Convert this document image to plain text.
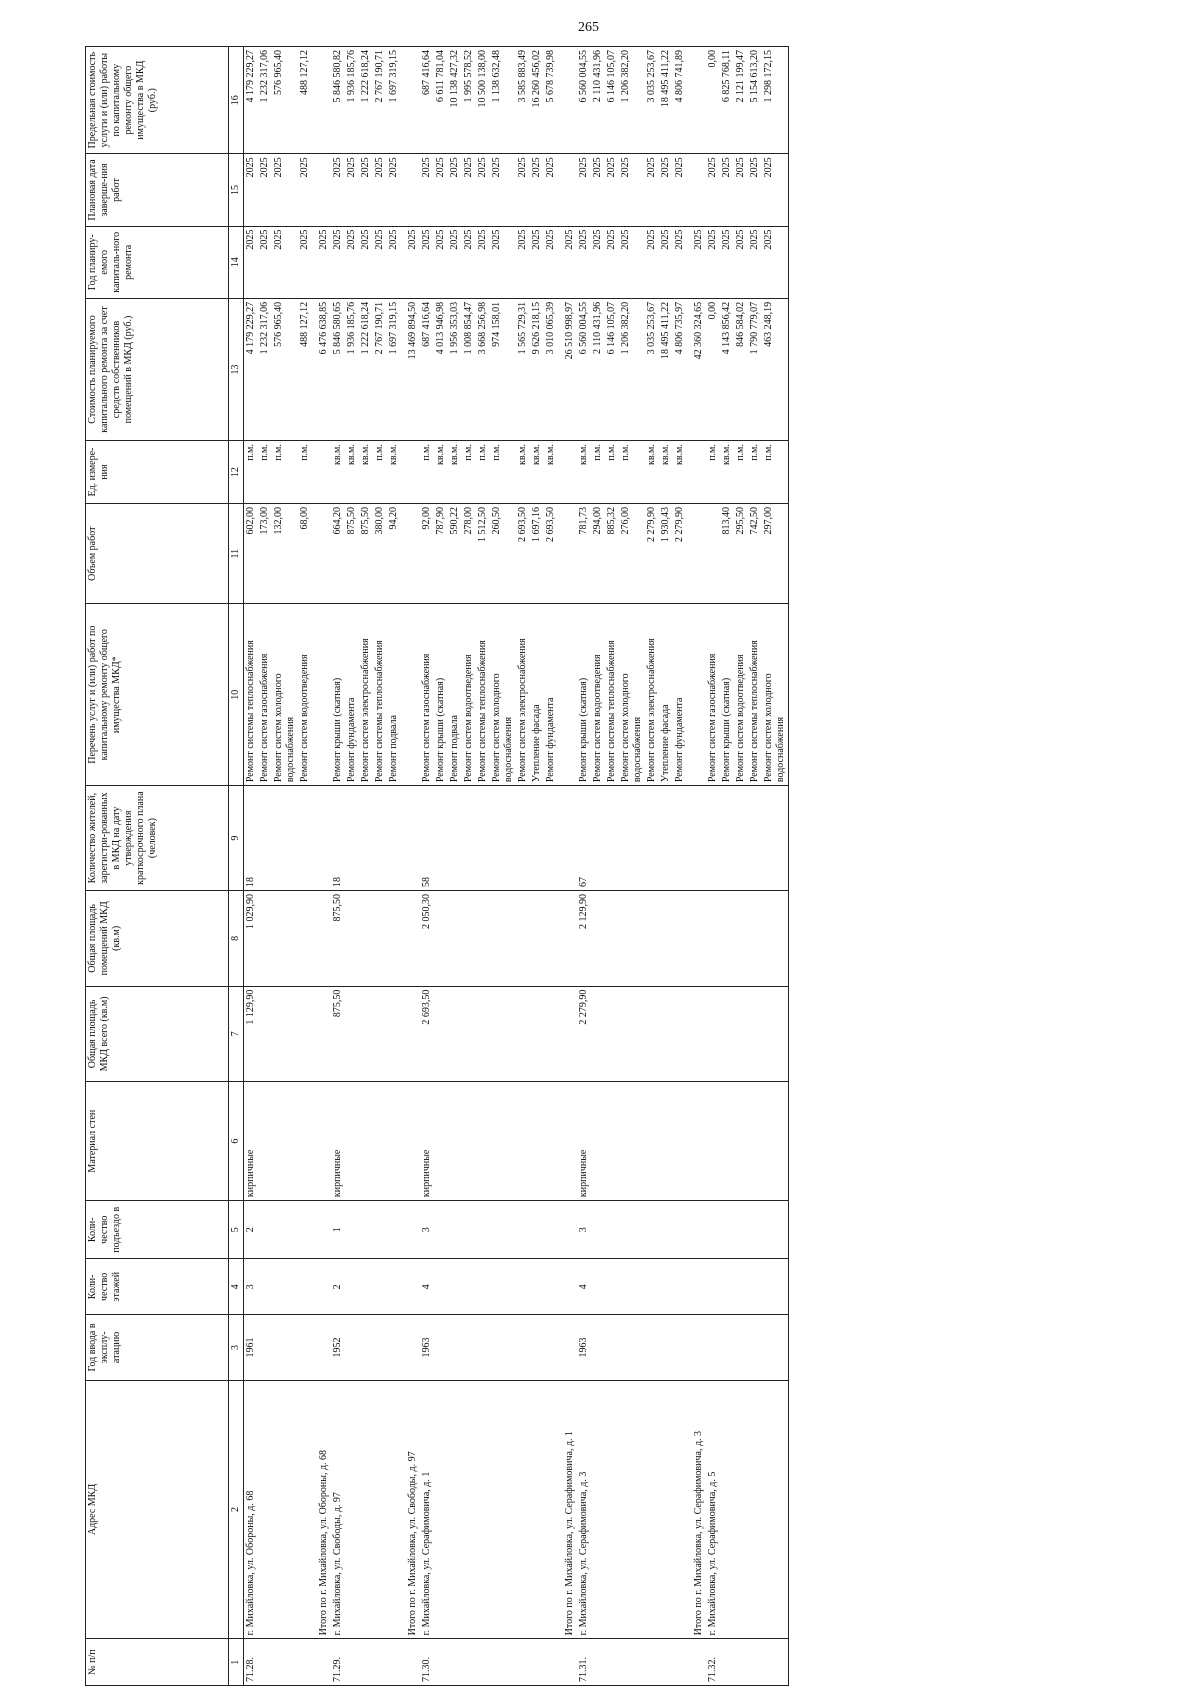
265
№ п/п	Адрес МКД	Год ввода в эксплу-атацию	Коли-чество этажей	Коли-чество подъездо в	Материал стен	Общая площадь МКД всего (кв.м)	Общая площадь помещений МКД (кв.м)	Количество жителей, зарегистри-рованных в МКД на дату утверждения краткосрочного плана (человек)	Перечень услуг и (или) работ по капитальному ремонту общего имущества МКД*	Объем работ	Ед. измере-ния	Стоимость планируемого капитального ремонта за счет средств собственников помещений в МКД (руб.)	Год планиру-емого капиталь-ного ремонта	Плановая дата заверше-ния работ	Предельная стоимость услуги и (или) работы по капитальному ремонту общего имущества в МКД (руб.)
1	2	3	4	5	6	7	8	9	10	11	12	13	14	15	16
71.28.	г. Михайловка, ул. Обороны, д. 68	1961	3	2	кирпичные	1 129,90	1 029,90	18	Ремонт системы теплоснабжения	602,00	п.м.	4 179 229,27	2025	2025	4 179 229,27
									Ремонт систем газоснабжения	173,00	п.м.	1 232 317,06	2025	2025	1 232 317,06
									Ремонт систем холодного водоснабжения	132,00	п.м.	576 965,40	2025	2025	576 965,40
									Ремонт систем водоотведения	68,00	п.м.	488 127,12	2025	2025	488 127,12
	Итого по г. Михайловка, ул. Обороны, д. 68											6 476 638,85	2025		
71.29.	г. Михайловка, ул. Свободы, д. 97	1952	2	1	кирпичные	875,50	875,50	18	Ремонт крыши (скатная)	664,20	кв.м.	5 846 580,65	2025	2025	5 846 580,82
									Ремонт фундамента	875,50	кв.м.	1 936 185,76	2025	2025	1 936 185,76
									Ремонт систем электроснабжения	875,50	кв.м.	1 222 618,24	2025	2025	1 222 618,24
									Ремонт системы теплоснабжения	380,00	п.м.	2 767 190,71	2025	2025	2 767 190,71
									Ремонт подвала	94,20	кв.м.	1 697 319,15	2025	2025	1 697 319,15
	Итого по г. Михайловка, ул. Свободы, д. 97											13 469 894,50	2025		
71.30.	г. Михайловка, ул. Серафимовича, д. 1	1963	4	3	кирпичные	2 693,50	2 050,30	58	Ремонт систем газоснабжения	92,00	п.м.	687 416,64	2025	2025	687 416,64
									Ремонт крыши (скатная)	787,90	кв.м.	4 013 946,98	2025	2025	6 611 781,04
									Ремонт подвала	590,22	кв.м.	1 956 353,03	2025	2025	10 138 427,32
									Ремонт систем водоотведения	278,00	п.м.	1 008 854,47	2025	2025	1 995 578,52
									Ремонт системы теплоснабжения	1 512,50	п.м.	3 668 256,98	2025	2025	10 500 138,00
									Ремонт систем холодного водоснабжения	260,50	п.м.	974 158,01	2025	2025	1 138 632,48
									Ремонт систем электроснабжения	2 693,50	кв.м.	1 565 729,31	2025	2025	3 585 883,49
									Утепление фасада	1 697,16	кв.м.	9 626 218,15	2025	2025	16 260 456,02
									Ремонт фундамента	2 693,50	кв.м.	3 010 065,39	2025	2025	5 678 739,98
	Итого по г. Михайловка, ул. Серафимовича, д. 1											26 510 998,97	2025		
71.31.	г. Михайловка, ул. Серафимовича, д. 3	1963	4	3	кирпичные	2 279,90	2 129,90	67	Ремонт крыши (скатная)	781,73	кв.м.	6 560 004,55	2025	2025	6 560 004,55
									Ремонт систем водоотведения	294,00	п.м.	2 110 431,96	2025	2025	2 110 431,96
									Ремонт системы теплоснабжения	885,32	п.м.	6 146 105,07	2025	2025	6 146 105,07
									Ремонт систем холодного водоснабжения	276,00	п.м.	1 206 382,20	2025	2025	1 206 382,20
									Ремонт систем электроснабжения	2 279,90	кв.м.	3 035 253,67	2025	2025	3 035 253,67
									Утепление фасада	1 930,43	кв.м.	18 495 411,22	2025	2025	18 495 411,22
									Ремонт фундамента	2 279,90	кв.м.	4 806 735,97	2025	2025	4 806 741,89
	Итого по г. Михайловка, ул. Серафимовича, д. 3											42 360 324,65	2025		
71.32.	г. Михайловка, ул. Серафимовича, д. 5								Ремонт систем газоснабжения		п.м.	0,00	2025	2025	0,00
									Ремонт крыши (скатная)	813,40	кв.м.	4 143 856,42	2025	2025	6 825 768,11
									Ремонт систем водоотведения	295,50	п.м.	846 584,02	2025	2025	2 121 199,47
									Ремонт системы теплоснабжения	742,50	п.м.	1 790 779,07	2025	2025	5 154 613,20
									Ремонт систем холодного водоснабжения	297,00	п.м.	463 248,19	2025	2025	1 298 172,15
